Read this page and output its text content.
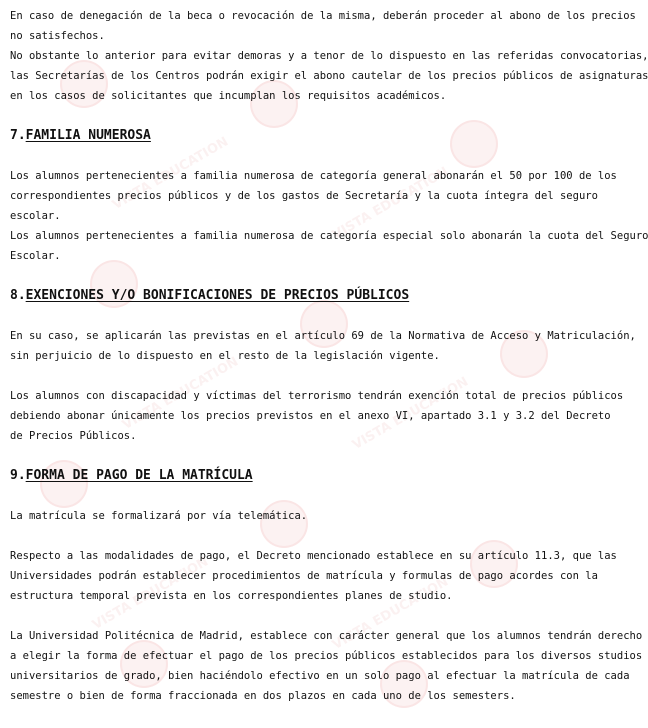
VISTA EDUCATION	VISTA EDUCATION
VISTA EDUCATION	VISTA EDUCATION
VISTA EDUCATION	VISTA EDUCATION
En caso de denegación de la beca o revocación de la misma, deberán proceder al abono de los precios
no satisfechos.
No obstante lo anterior para evitar demoras y a tenor de lo dispuesto en las referidas convocatorias,
las Secretarías de los Centros podrán exigir el abono cautelar de los precios públicos de asignaturas
en los casos de solicitantes que incumplan los requisitos académicos.
7.FAMILIA NUMEROSA
Los alumnos pertenecientes a familia numerosa de categoría general abonarán el 50 por 100 de los
correspondientes precios públicos y de los gastos de Secretaría y la cuota íntegra del seguro
escolar.
Los alumnos pertenecientes a familia numerosa de categoría especial solo abonarán la cuota del Seguro
Escolar.
8.EXENCIONES Y/O BONIFICACIONES DE PRECIOS PÚBLICOS
En su caso, se aplicarán las previstas en el artículo 69 de la Normativa de Acceso y Matriculación,
sin perjuicio de lo dispuesto en el resto de la legislación vigente.
Los alumnos con discapacidad y víctimas del terrorismo tendrán exención total de precios públicos
debiendo abonar únicamente los precios previstos en el anexo VI, apartado 3.1 y 3.2 del Decreto
de Precios Públicos.
9.FORMA DE PAGO DE LA MATRÍCULA
La matrícula se formalizará por vía telemática.
Respecto a las modalidades de pago, el Decreto mencionado establece en su artículo 11.3, que las
Universidades podrán establecer procedimientos de matrícula y formulas de pago acordes con la
estructura temporal prevista en los correspondientes planes de studio.
La Universidad Politécnica de Madrid, establece con carácter general que los alumnos tendrán derecho
a elegir la forma de efectuar el pago de los precios públicos establecidos para los diversos studios
universitarios de grado, bien haciéndolo efectivo en un solo pago al efectuar la matrícula de cada
semestre o bien de forma fraccionada en dos plazos en cada uno de los semesters.
